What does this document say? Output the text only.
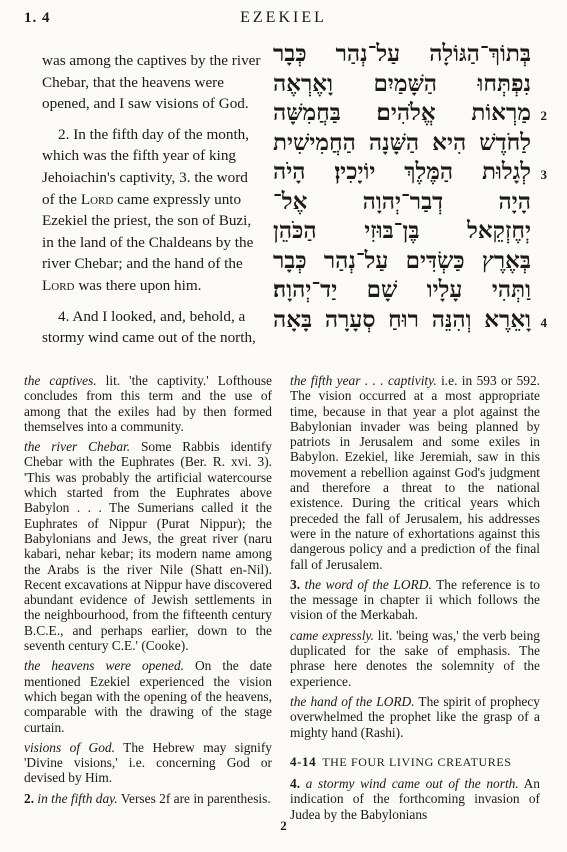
1. 4	EZEKIEL

was among the captives by the river Chebar, that the heavens were opened, and I saw visions of God.

2. In the fifth day of the month, which was the fifth year of king Jehoiachin's captivity, 3. the word of the Lord came expressly unto Ezekiel the priest, the son of Buzi, in the land of the Chaldeans by the river Chebar; and the hand of the Lord was there upon him.

4. And I looked, and, behold, a stormy wind came out of the north,

בְּתוֹךְ־הַגּוֹלָה עַל־נְהַר כְּבָר
נִפְתְּחוּ הַשָּׁמַיִם וָאֶרְאֶה
2
מַרְאוֹת אֱלֹהִים׃ בַּחֲמִשָּׁה
לַחֹדֶשׁ הִיא הַשָּׁנָה הַחֲמִישִׁית
3
לְגָלוּת הַמֶּלֶךְ יוֹיָכִין׃ הָיֹה
הָיָה דְבַר־יְהוָה אֶל־
יְחֶזְקֵאל בֶּן־בּוּזִי הַכֹּהֵן
בְּאֶרֶץ כַּשְׂדִּים עַל־נְהַר כְּבָר
וַתְּהִי עָלָיו שָׁם יַד־יְהוָה׃
4
וָאֵרֶא וְהִנֵּה רוּחַ סְעָרָה בָּאָה

the captives. lit. 'the captivity.' Lofthouse concludes from this term and the use of among that the exiles had by then formed themselves into a community.

the river Chebar. Some Rabbis identify Chebar with the Euphrates (Ber. R. xvi. 3). 'This was probably the artificial watercourse which started from the Euphrates above Babylon . . . The Sumerians called it the Euphrates of Nippur (Purat Nippur); the Babylonians and Jews, the great river (naru kabari, nehar kebar; its modern name among the Arabs is the river Nile (Shatt en-Nil). Recent excavations at Nippur have discovered abundant evidence of Jewish settlements in the neighbourhood, from the fifteenth century B.C.E., and perhaps earlier, down to the seventh century C.E.' (Cooke).

the heavens were opened. On the date mentioned Ezekiel experienced the vision which began with the opening of the heavens, comparable with the drawing of the stage curtain.

visions of God. The Hebrew may signify 'Divine visions,' i.e. concerning God or devised by Him.

2. in the fifth day. Verses 2f are in parenthesis.

the fifth year . . . captivity. i.e. in 593 or 592. The vision occurred at a most appropriate time, because in that year a plot against the Babylonian invader was being planned by patriots in Jerusalem and some exiles in Babylon. Ezekiel, like Jeremiah, saw in this movement a rebellion against God's judgment and therefore a threat to the national existence. During the critical years which preceded the fall of Jerusalem, his addresses were in the nature of exhortations against this dangerous policy and a prediction of the final fall of Jerusalem.

3. the word of the LORD. The reference is to the message in chapter ii which follows the vision of the Merkabah.

came expressly. lit. 'being was,' the verb being duplicated for the sake of emphasis. The phrase here denotes the solemnity of the experience.

the hand of the LORD. The spirit of prophecy overwhelmed the prophet like the grasp of a mighty hand (Rashi).

4-14 THE FOUR LIVING CREATURES

4. a stormy wind came out of the north. An indication of the forthcoming invasion of Judea by the Babylonians

2
